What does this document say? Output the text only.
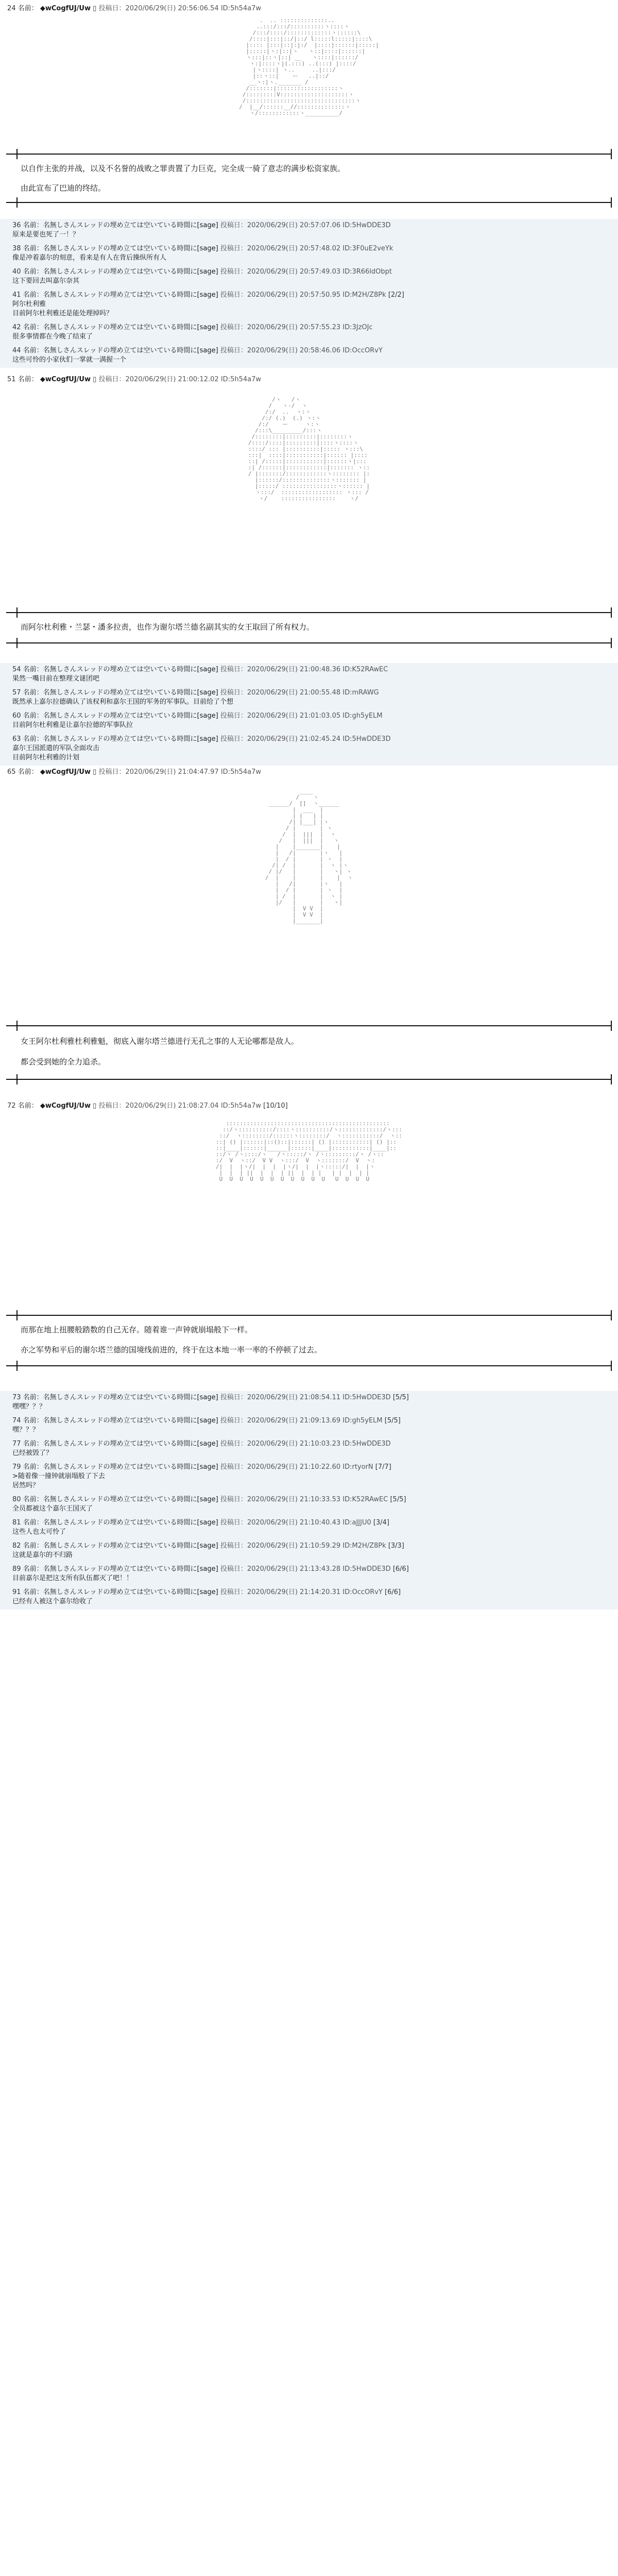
24 名前： ◆wCogfUJ/Uw ▯ 投稿日：2020/06/29(日) 20:56:06.54 ID:5h54a7w
.  .. ::::::::::::::..
..:::/:::/::::::::::ヽ::::ヽ
/:::/::::/:::::::::::::ヽ::::::\
/::::|:::|::/|::/ l:::::l:::::|::::\
|:::: |:::|::|:|:/  |::::|::::::|:::::|
|:::::|ヽ:|::|ヽ   ヽ::|::::|::::::|
ヽ:::|::ヽ|::| __   ヽ::::|::::::/
ヽ:|::::ヽ|(.:::) ..(:::) |::::/
|ヽ::::| ヽ..     ..|:::/
|::ヽ::|    ー   ..|::/
__ヽ:|ヽ._______ /
/:::::::|::::::::::::::::::ヽ
/:::::::::V::::::::::::::::::::ヽ
/::::::::::::::::::::::::::::::::ヽ
/  |__/::::::__//::::::::::::::ヽ
ヽ/::::::::::::ヽ__________/
以自作主张的并战，以及不名誉的战败之罪责置了力巨克，完全成一骑了意志的满步松资家族。
由此宣布了巴迪的终结。
36 名前：名無しさんスレッドの埋め立ては空いている時間に[sage] 投稿日：2020/06/29(日) 20:57:07.06 ID:5HwDDE3D
原来是要也死了一！？
38 名前：名無しさんスレッドの埋め立ては空いている時間に[sage] 投稿日：2020/06/29(日) 20:57:48.02 ID:3F0uE2veYk
像是冲着嘉尔的刻意，看来是有人在背后操纵所有人
40 名前：名無しさんスレッドの埋め立ては空いている時間に[sage] 投稿日：2020/06/29(日) 20:57:49.03 ID:3R66ldObpt
这下要回去叫嘉尔奈其
41 名前：名無しさんスレッドの埋め立ては空いている時間に[sage] 投稿日：2020/06/29(日) 20:57:50.95 ID:M2H/Z8Pk [2/2]
阿尔杜利雅
目前阿尔杜利雅还是能处理掉吗？
42 名前：名無しさんスレッドの埋め立ては空いている時間に[sage] 投稿日：2020/06/29(日) 20:57:55.23 ID:3JzOJc
很多事情都在今晚了结束了
44 名前：名無しさんスレッドの埋め立ては空いている時間に[sage] 投稿日：2020/06/29(日) 20:58:46.06 ID:OccORvY
这些可怜的小家伙们一掌就一满握一个
51 名前： ◆wCogfUJ/Uw ▯ 投稿日：2020/06/29(日) 21:00:12.02 ID:5h54a7w
/ヽ   /ヽ
/   ヽ-/  ヽ
/:/  ..  ヽ:ヽ
/:/ (.)  (.) ヽ:ヽ
/:/    ー     ヽ:ヽ
/:::\_________/:::ヽ
/::::::::|:::::::::|::::::::ヽ
/::::/::::|:::::::::|::::ヽ::::ヽ
::::/ ::: |::::::::::|::::: ヽ:::\
:::|  ::::|:::::::::::|:::::: |::::
::| /:::::|:::::::::::|::::::ヽ|:::
:| /::::::|::::::::::::|::::::: ヽ::
/ |:::::::/::::::::::::ヽ:::::::: |:
|::::::/::::::::::::::ヽ::::::: |
|:::::/ ::::::::::::::::ヽ:::::: |
ヽ:::/  :::::::::::::::::: ヽ::: /
ヽ/    ::::::::::::::::    ヽ/
而阿尔杜利雅・兰瑟・潘多拉责，也作为谢尔塔兰德名副其实的女王取回了所有权力。
54 名前：名無しさんスレッドの埋め立ては空いている時間に[sage] 投稿日：2020/06/29(日) 21:00:48.36 ID:K52RAwEC
果然一嘴目前在整理文谜团吧
57 名前：名無しさんスレッドの埋め立ては空いている時間に[sage] 投稿日：2020/06/29(日) 21:00:55.48 ID:mRAWG
既然承上嘉尔拉德确认了该权利和嘉尔王国的军务的军事队。目前给了个想
60 名前：名無しさんスレッドの埋め立ては空いている時間に[sage] 投稿日：2020/06/29(日) 21:01:03.05 ID:gh5yELM
目前阿尔杜利雅是让嘉尔拉德的军事队拉
63 名前：名無しさんスレッドの埋め立ては空いている時間に[sage] 投稿日：2020/06/29(日) 21:02:45.24 ID:5HwDDE3D
嘉尔王国派遣的军队全面攻击
目前阿尔杜利雅的计划
65 名前： ◆wCogfUJ/Uw ▯ 投稿日：2020/06/29(日) 21:04:47.97 ID:5h54a7w
____
/    ヽ
______/  []  ヽ______
|  ___  |
| |   | |
/| |___| |ヽ
/ |       | ヽ
/  |  |||  |  ヽ
/   |  |||  |   ヽ
|    |_______|    |
|   /|       |ヽ   |
|  / |       | ヽ  |
/| /  |       |  ヽ |ヽ
/ |/   |       |   ヽ| ヽ
/  |    |       |    |  ヽ
|   /|       |ヽ   |
|  / |       | ヽ  |
| /  |       |  ヽ |
|/   |       |   ヽ|
|  V V  |
|  V V  |
|_______|
女王阿尔杜利雅杜利雅魁，彻底入谢尔塔兰德进行无孔之事的人无论哪都是敌人。
都会受到她的全力追杀。
72 名前： ◆wCogfUJ/Uw ▯ 投稿日：2020/06/29(日) 21:08:27.04 ID:5h54a7w [10/10]
::::::::::::::::::::::::::::::::::::::::::::::::
::/ヽ::::::::::/::::ヽ::::::::::/ヽ:::::::::::::/ヽ:::
::/  ヽ::::::::/::::::ヽ::::::::/  ヽ:::::::::::/  ヽ::
::| () |::::::|::()::|::::::| () |:::::::::::| () |::
::|____|::::::|______|::::::|____|:::::::::::|____|::
::/ヽ /ヽ::::/ヽ   /ヽ:::::/ヽ /ヽ:::::::::/ヽ /ヽ::
:/  V  ヽ::/  V V  ヽ:::/  V  ヽ:::::::/  V  ヽ:
/|  |  |ヽ/|  |  |  |ヽ/|  |  |ヽ:::::/|  |  |ヽ
|  |  | ||  |  |  | ||  |  | |   | |  |  | |
U  U  U  U  U  U  U  U  U  U  U   U  U  U  U
而那在地上扭腰般踏数的自己无存。随着谁一声钟就崩塌般下一样。
亦之军势和平后的谢尔塔兰德的国境线前进的，终于在这本地一率一率的不停顿了过去。
73 名前：名無しさんスレッドの埋め立ては空いている時間に[sage] 投稿日：2020/06/29(日) 21:08:54.11 ID:5HwDDE3D [5/5]
嘿嘿？？？
74 名前：名無しさんスレッドの埋め立ては空いている時間に[sage] 投稿日：2020/06/29(日) 21:09:13.69 ID:gh5yELM [5/5]
嘿？？？
77 名前：名無しさんスレッドの埋め立ては空いている時間に[sage] 投稿日：2020/06/29(日) 21:10:03.23 ID:5HwDDE3D
已经被毁了？
79 名前：名無しさんスレッドの埋め立ては空いている時間に[sage] 投稿日：2020/06/29(日) 21:10:22.60 ID:rtyorN [7/7]
>随着像一撞钟就崩塌般了下去
居然吗？
80 名前：名無しさんスレッドの埋め立ては空いている時間に[sage] 投稿日：2020/06/29(日) 21:10:33.53 ID:K52RAwEC [5/5]
全员都被这个嘉尔王国灭了
81 名前：名無しさんスレッドの埋め立ては空いている時間に[sage] 投稿日：2020/06/29(日) 21:10:40.43 ID:aJJJU0 [3/4]
这些人也太可怜了
82 名前：名無しさんスレッドの埋め立ては空いている時間に[sage] 投稿日：2020/06/29(日) 21:10:59.29 ID:M2H/Z8Pk [3/3]
这就是嘉尔的不归路
89 名前：名無しさんスレッドの埋め立ては空いている時間に[sage] 投稿日：2020/06/29(日) 21:13:43.28 ID:5HwDDE3D [6/6]
目前嘉尔是把这支所有队伍都灭了吧！！
91 名前：名無しさんスレッドの埋め立ては空いている時間に[sage] 投稿日：2020/06/29(日) 21:14:20.31 ID:OccORvY [6/6]
已经有人被这个嘉尔给收了
